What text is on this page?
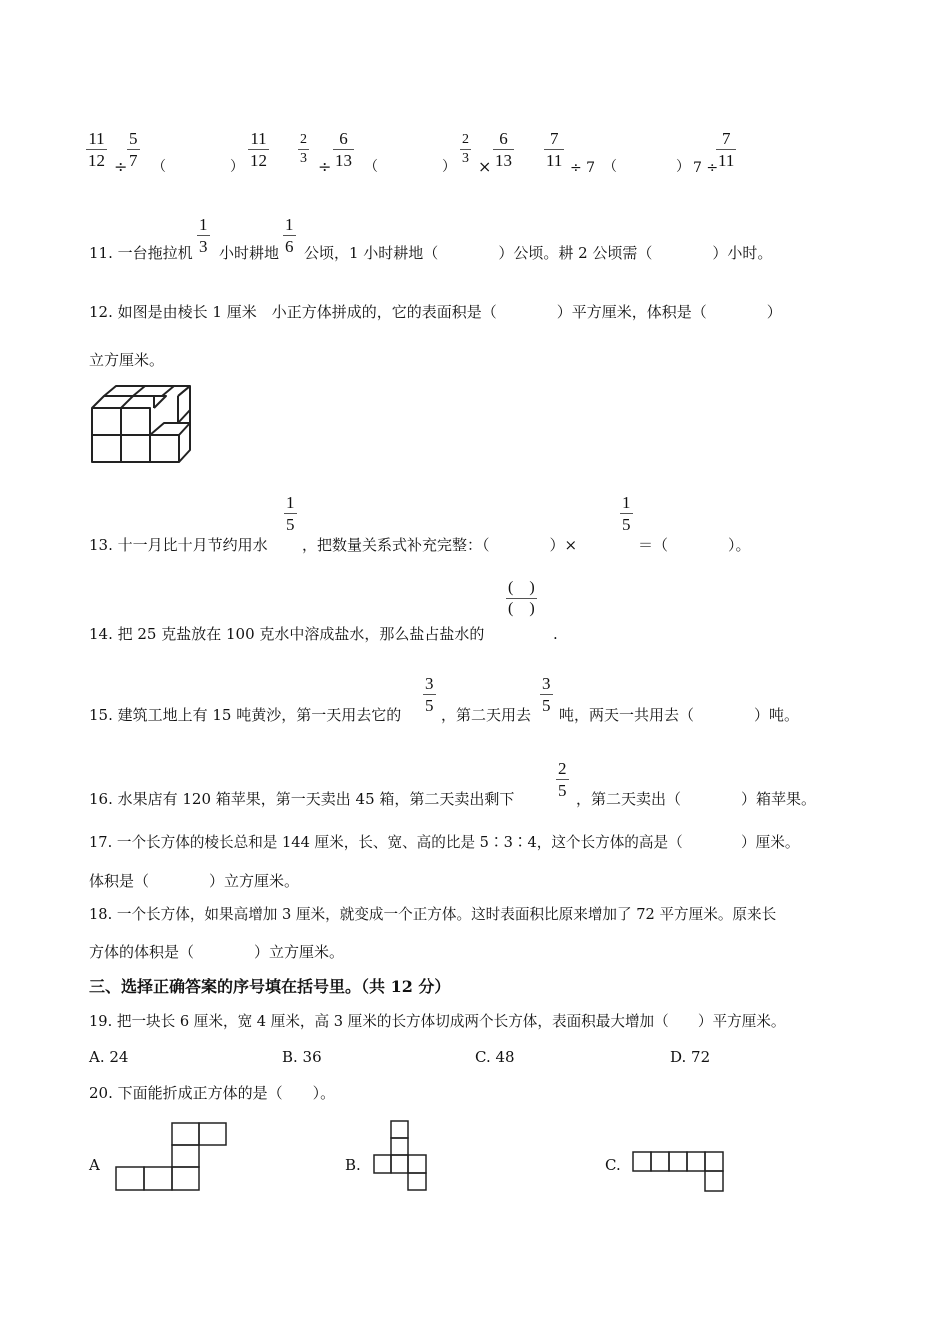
11
12 ÷
5
7 （	）
11
12
2
3 ÷
6
13 （	）
2
3 ×
6
13
7
11 ÷ 7 （	） 7 ÷
7
11
11. 一台拖拉机
1
3 小时耕地
1
6 公顷，1 小时耕地（　　　　）公顷。耕 2 公顷需（　　　　）小时。
12. 如图是由棱长 1 厘米　小正方体拼成的，它的表面积是（　　　　）平方厘米，体积是（　　　　）
立方厘米。
13. 十一月比十月节约用水
1
5
，把数量关系式补充完整：（　　　　）×
1
5
＝（　　　　）。
14. 把 25 克盐放在 100 克水中溶成盐水，那么盐占盐水的
(　)
(　)
.
15. 建筑工地上有 15 吨黄沙，第一天用去它的
3
5 ，第二天用去
3
5 吨，两天一共用去（　　　　）吨。
16. 水果店有 120 箱苹果，第一天卖出 45 箱，第二天卖出剩下
2
5 ，第二天卖出（　　　　）箱苹果。
17. 一个长方体的棱长总和是 144 厘米，长、宽、高的比是 5∶3∶4，这个长方体的高是（　　　　）厘米。
体积是（　　　　）立方厘米。
18. 一个长方体，如果高增加 3 厘米，就变成一个正方体。这时表面积比原来增加了 72 平方厘米。原来长
方体的体积是（　　　　）立方厘米。
三、选择正确答案的序号填在括号里。（共 12 分）
19. 把一块长 6 厘米，宽 4 厘米，高 3 厘米的长方体切成两个长方体，表面积最大增加（　　）平方厘米。
A. 24	B. 36	C. 48	D. 72
20. 下面能折成正方体的是（　　）。
A	B.	C.
